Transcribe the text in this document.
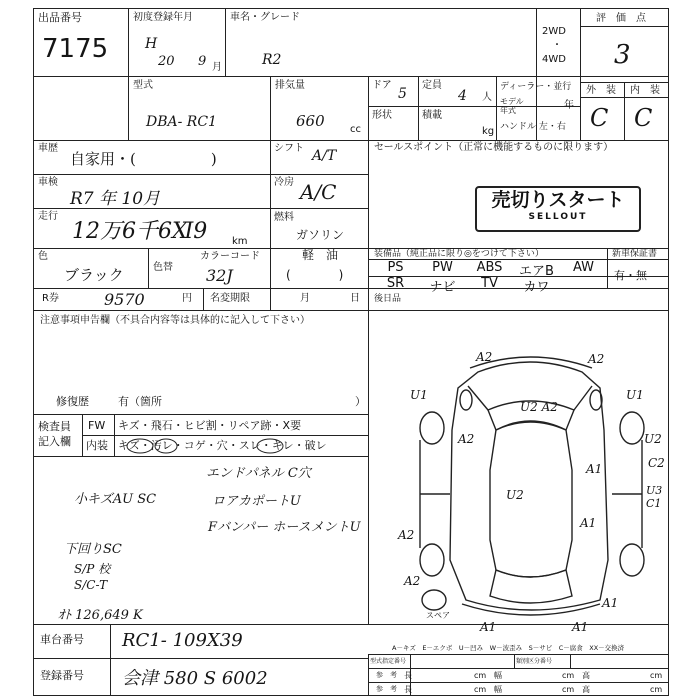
出品番号
7175
初度登録年月
H
20 9 月
車名・グレード
R2
2WD
・
4WD
評　価　点
3
型式
DBA- RC1
排気量
660	cc
ドア
5
定員
4 人
形状	積載
kg
ディーラー・並行
モデル
年式	年
ハンドル 左・右
外　装 内　装
C C
車歴
自家用・(　　　　　)
シフト A/T
セールスポイント（正常に機能するものに限ります）
車検
R7 年 10月
冷房 A/C
走行
12万6千6Ⅺ9 km
燃料
ガソリン
軽　油
(　　　　)
色
ブラック	色替
カラーコード
32J
R券	9570	円 名変期限	月	日
売切りスタート
SELLOUT
装備品（純正品に限り◎をつけて下さい）	新車保証書
有・無
PS	PW	ABS	エアB	AW
SR	ナビ	TV	カワ
後日品
注意事項申告欄（不具合内容等は具体的に記入して下さい）
修復歴	有（箇所	）
検査員
記入欄
FW キズ・飛石・ヒビ割・リペア跡・X要
内装 キズ・汚レ・コゲ・穴・スレ・キレ・破レ
エンドパネル C穴
ロアカポートU
小キズAU SC
Fバンパー ホースメントU
下回りSC
S/P 校
S/C-T
ｵﾄ 126,649 K
A2	A2
U1	U1
U2 A2
A2	U2
C2
A1
U2	U3 C1
A1
A2
A2
A1
A1	A1
スペア
車台番号 RC1- 109X39
登録番号 会津 580 S 6002
A－キズ　E－エクボ　U－凹み　W－波歪み　S－サビ　C－腐食　XX－交換済
型式指定番号	類別区分番号
参　考
参　考
長	cm 幅	cm 高	cm
長	cm 幅	cm 高	cm
